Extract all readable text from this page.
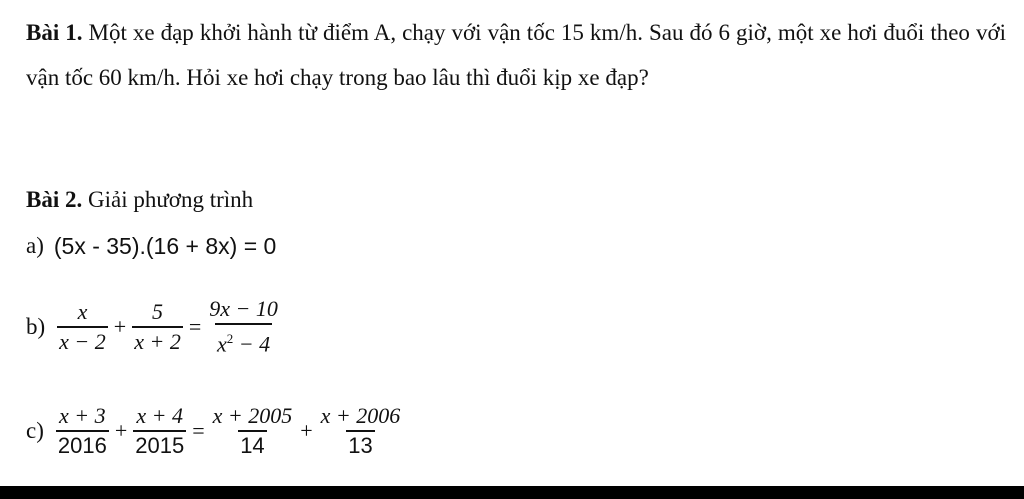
Bài 1. Một xe đạp khởi hành từ điểm A, chạy với vận tốc 15 km/h. Sau đó 6 giờ, một xe hơi đuổi theo với vận tốc 60 km/h. Hỏi xe hơi chạy trong bao lâu thì đuổi kịp xe đạp?
Bài 2. Giải phương trình
a) (5x - 35).(16 + 8x) = 0
$b) \frac{x}{x - 2} + \frac{5}{x + 2} = \frac{9x - 10}{x^2 - 4}$
$c) \frac{x + 3}{2016} + \frac{x + 4}{2015} = \frac{x + 2005}{14} + \frac{x + 2006}{13}$
